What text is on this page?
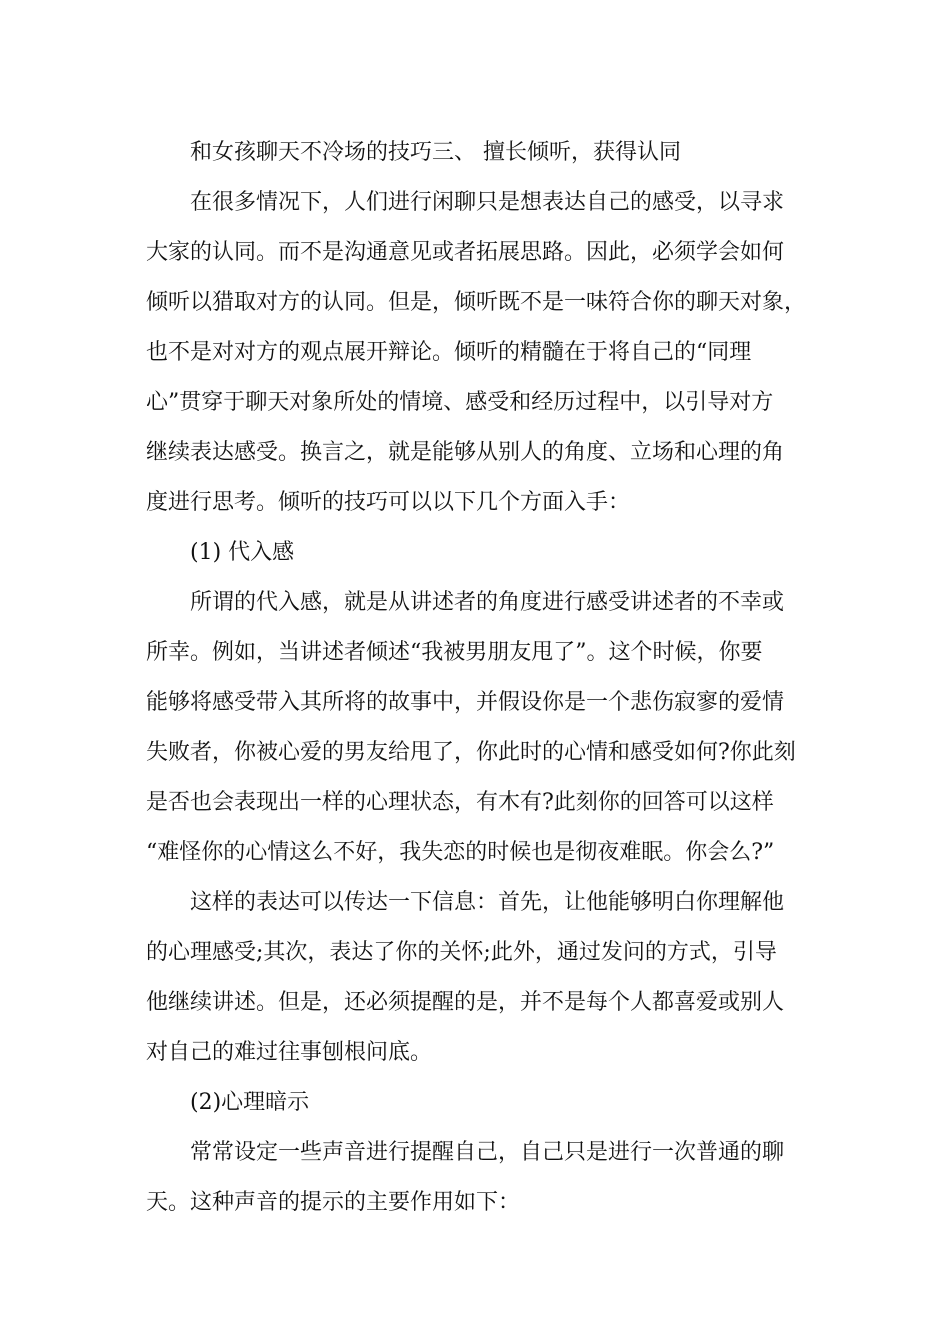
和女孩聊天不冷场的技巧三、 擅长倾听，获得认同
在很多情况下，人们进行闲聊只是想表达自己的感受，以寻求
大家的认同。而不是沟通意见或者拓展思路。因此，必须学会如何
倾听以猎取对方的认同。但是，倾听既不是一味符合你的聊天对象，
也不是对对方的观点展开辩论。倾听的精髓在于将自己的“同理
心”贯穿于聊天对象所处的情境、感受和经历过程中，以引导对方
继续表达感受。换言之，就是能够从别人的角度、立场和心理的角
度进行思考。倾听的技巧可以以下几个方面入手：
(1) 代入感
所谓的代入感，就是从讲述者的角度进行感受讲述者的不幸或
所幸。例如，当讲述者倾述“我被男朋友甩了”。这个时候，你要
能够将感受带入其所将的故事中，并假设你是一个悲伤寂寥的爱情
失败者，你被心爱的男友给甩了，你此时的心情和感受如何?你此刻
是否也会表现出一样的心理状态，有木有?此刻你的回答可以这样
“难怪你的心情这么不好，我失恋的时候也是彻夜难眠。你会么?”
这样的表达可以传达一下信息：首先，让他能够明白你理解他
的心理感受;其次，表达了你的关怀;此外，通过发问的方式，引导
他继续讲述。但是，还必须提醒的是，并不是每个人都喜爱或别人
对自己的难过往事刨根问底。
(2)心理暗示
常常设定一些声音进行提醒自己，自己只是进行一次普通的聊
天。这种声音的提示的主要作用如下：
